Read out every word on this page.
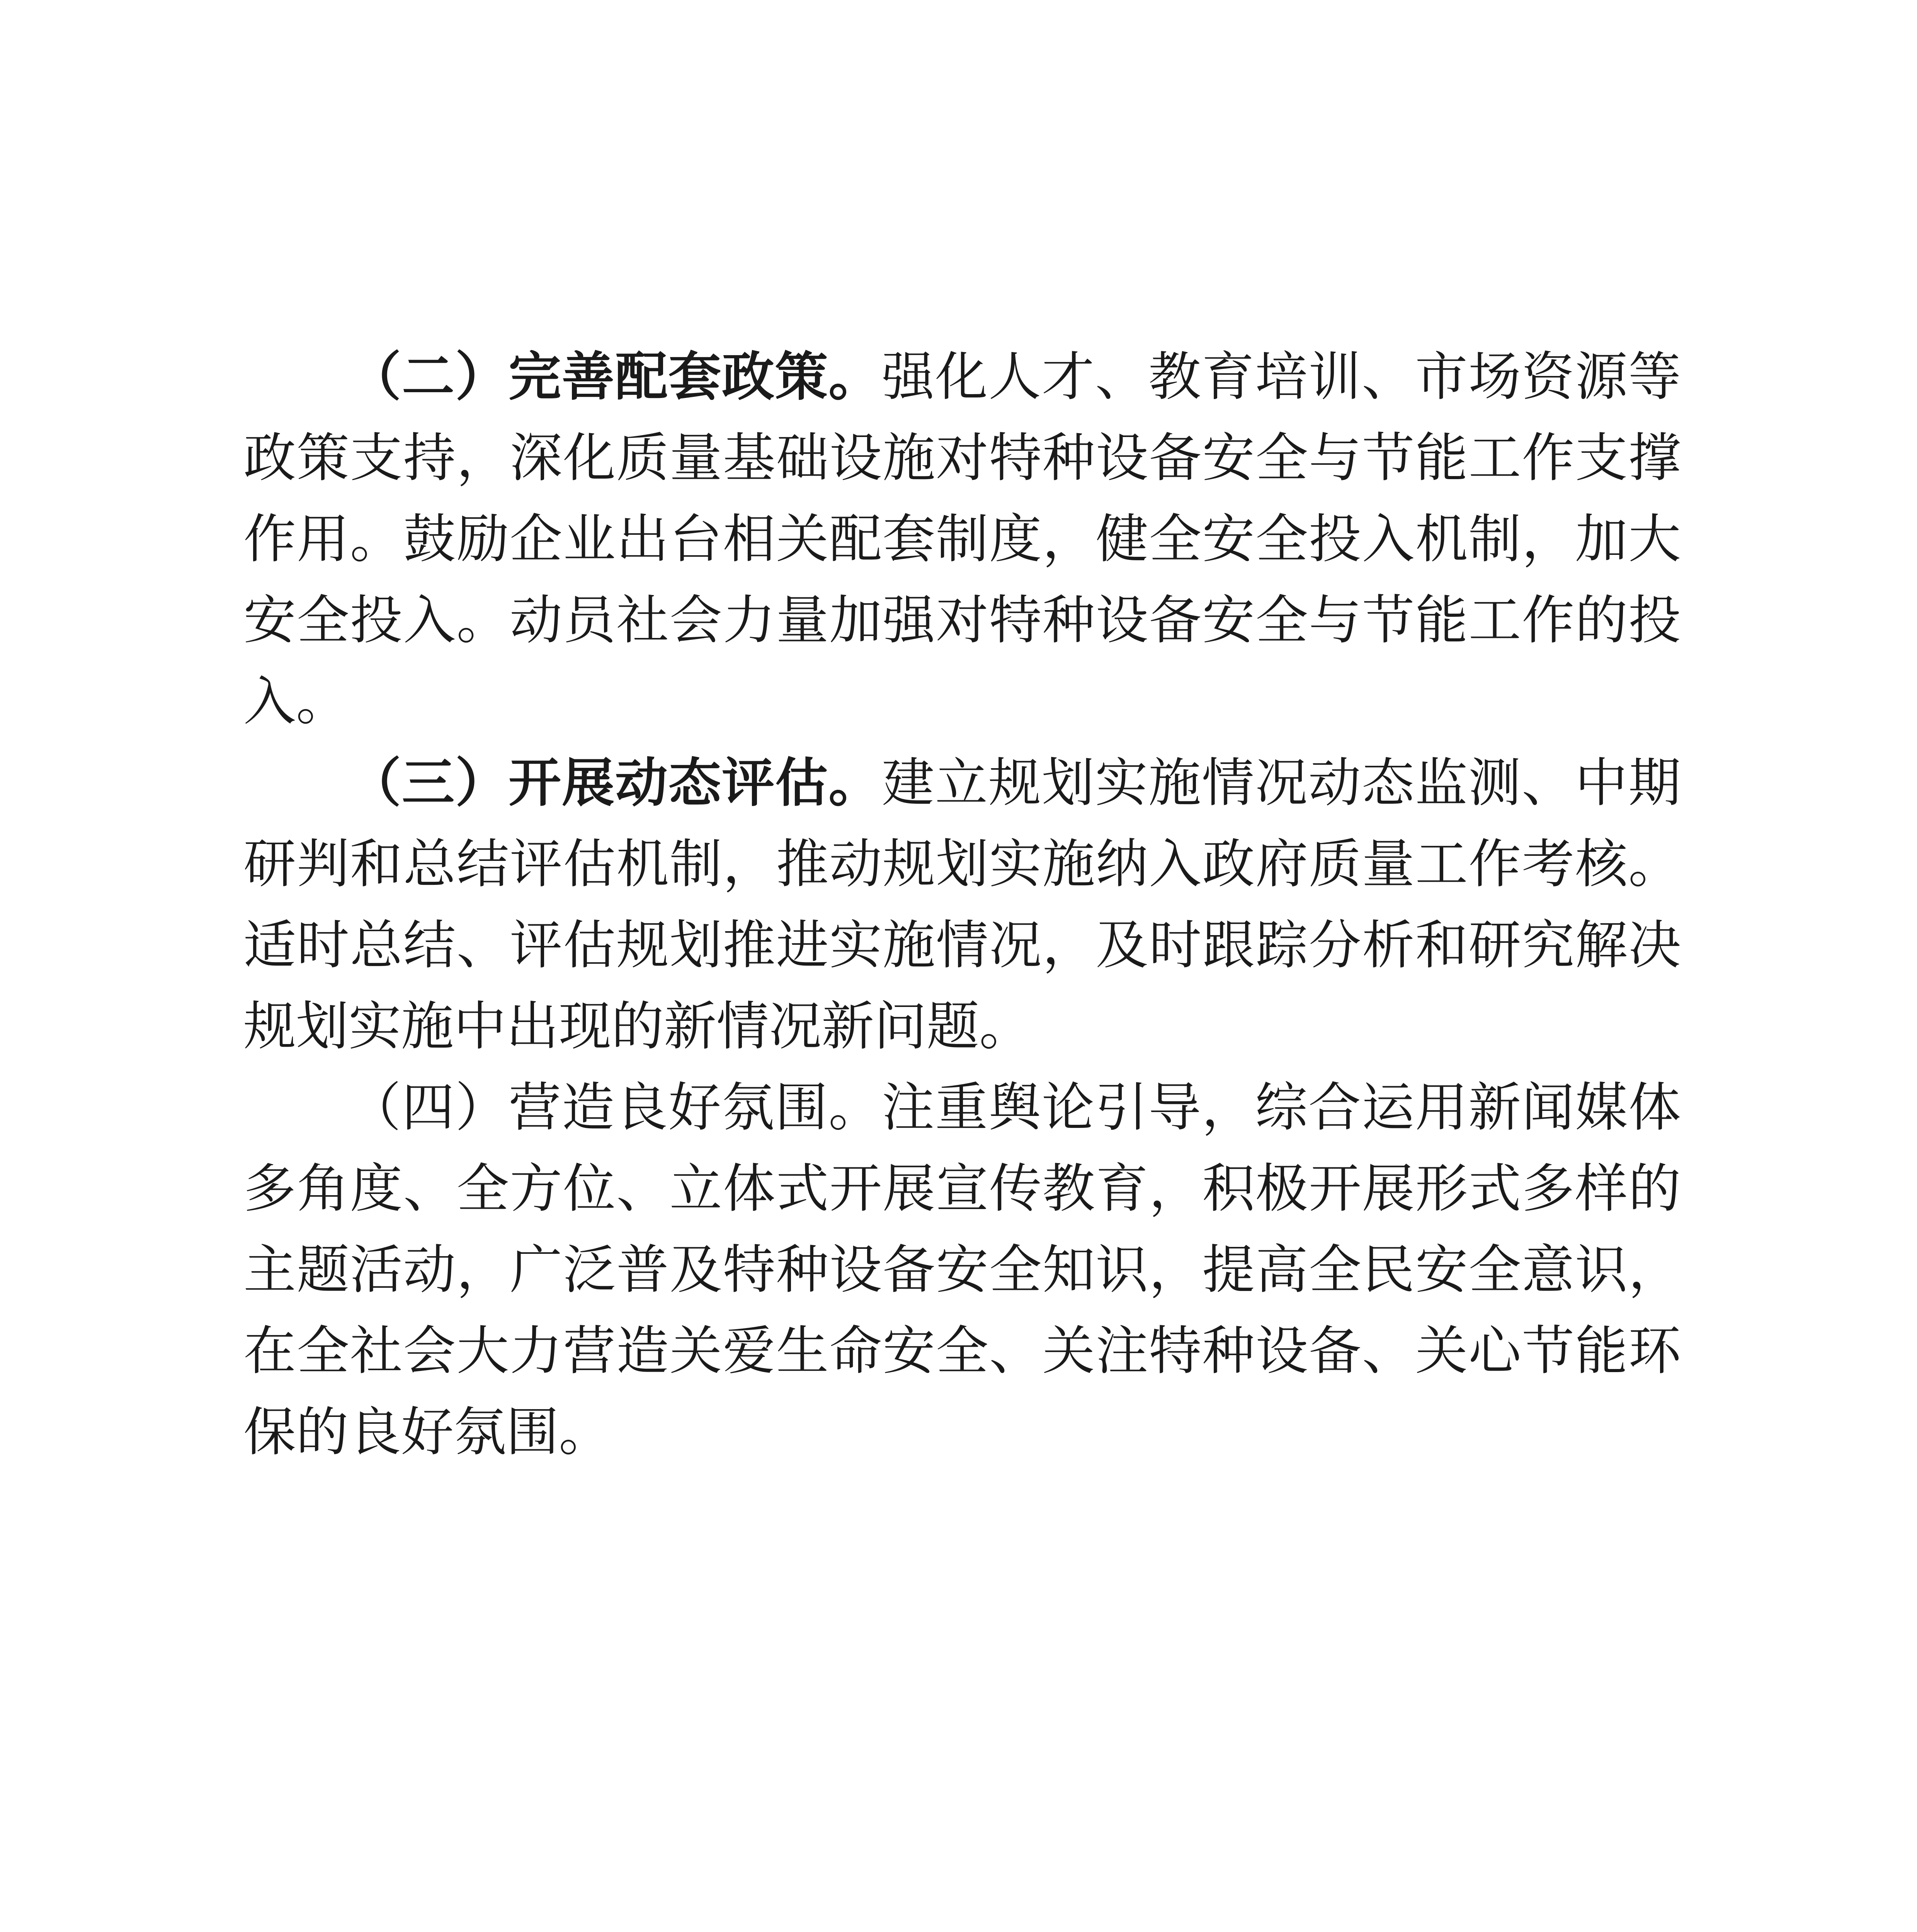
（二）完善配套政策。强化人才、教育培训、市场资源等政策支持，深化质量基础设施对特种设备安全与节能工作支撑作用。鼓励企业出台相关配套制度，健全安全投入机制，加大安全投入。动员社会力量加强对特种设备安全与节能工作的投入。

（三）开展动态评估。建立规划实施情况动态监测、中期研判和总结评估机制，推动规划实施纳入政府质量工作考核。适时总结、评估规划推进实施情况，及时跟踪分析和研究解决规划实施中出现的新情况新问题。

（四）营造良好氛围。注重舆论引导，综合运用新闻媒体多角度、全方位、立体式开展宣传教育，积极开展形式多样的主题活动，广泛普及特种设备安全知识，提高全民安全意识，在全社会大力营造关爱生命安全、关注特种设备、关心节能环保的良好氛围。
